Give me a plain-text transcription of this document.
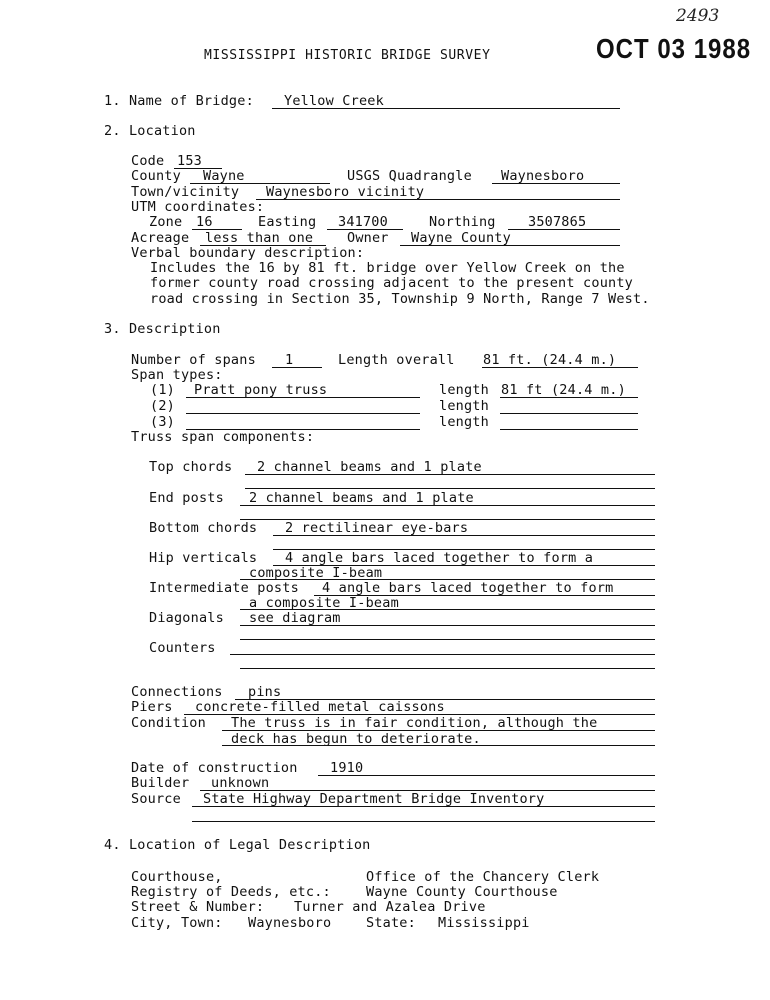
2493
OCT 03 1988
MISSISSIPPI HISTORIC BRIDGE SURVEY
1. Name of Bridge: Yellow Creek
2. Location
Code 153
County Wayne	USGS Quadrangle Waynesboro
Town/vicinity Waynesboro vicinity
UTM coordinates:
Zone 16	Easting 341700	Northing 3507865
Acreage less than one Owner Wayne County
Verbal boundary description:
Includes the 16 by 81 ft. bridge over Yellow Creek on the
former county road crossing adjacent to the present county
road crossing in Section 35, Township 9 North, Range 7 West.
3. Description
Number of spans 1	Length overall 81 ft. (24.4 m.)
Span types:
(1) Pratt pony truss	length 81 ft (24.4 m.)
(2)	length
(3)	length
Truss span components:
Top chords 2 channel beams and 1 plate
End posts 2 channel beams and 1 plate
Bottom chords 2 rectilinear eye-bars
Hip verticals 4 angle bars laced together to form a
composite I-beam
Intermediate posts 4 angle bars laced together to form
a composite I-beam
Diagonals see diagram
Counters
Connections pins
Piers concrete-filled metal caissons
Condition The truss is in fair condition, although the
deck has begun to deteriorate.
Date of construction 1910
Builder unknown
Source State Highway Department Bridge Inventory
4. Location of Legal Description
Courthouse,	Office of the Chancery Clerk
Registry of Deeds, etc.:	Wayne County Courthouse
Street & Number: Turner and Azalea Drive
City, Town: Waynesboro	State: Mississippi
